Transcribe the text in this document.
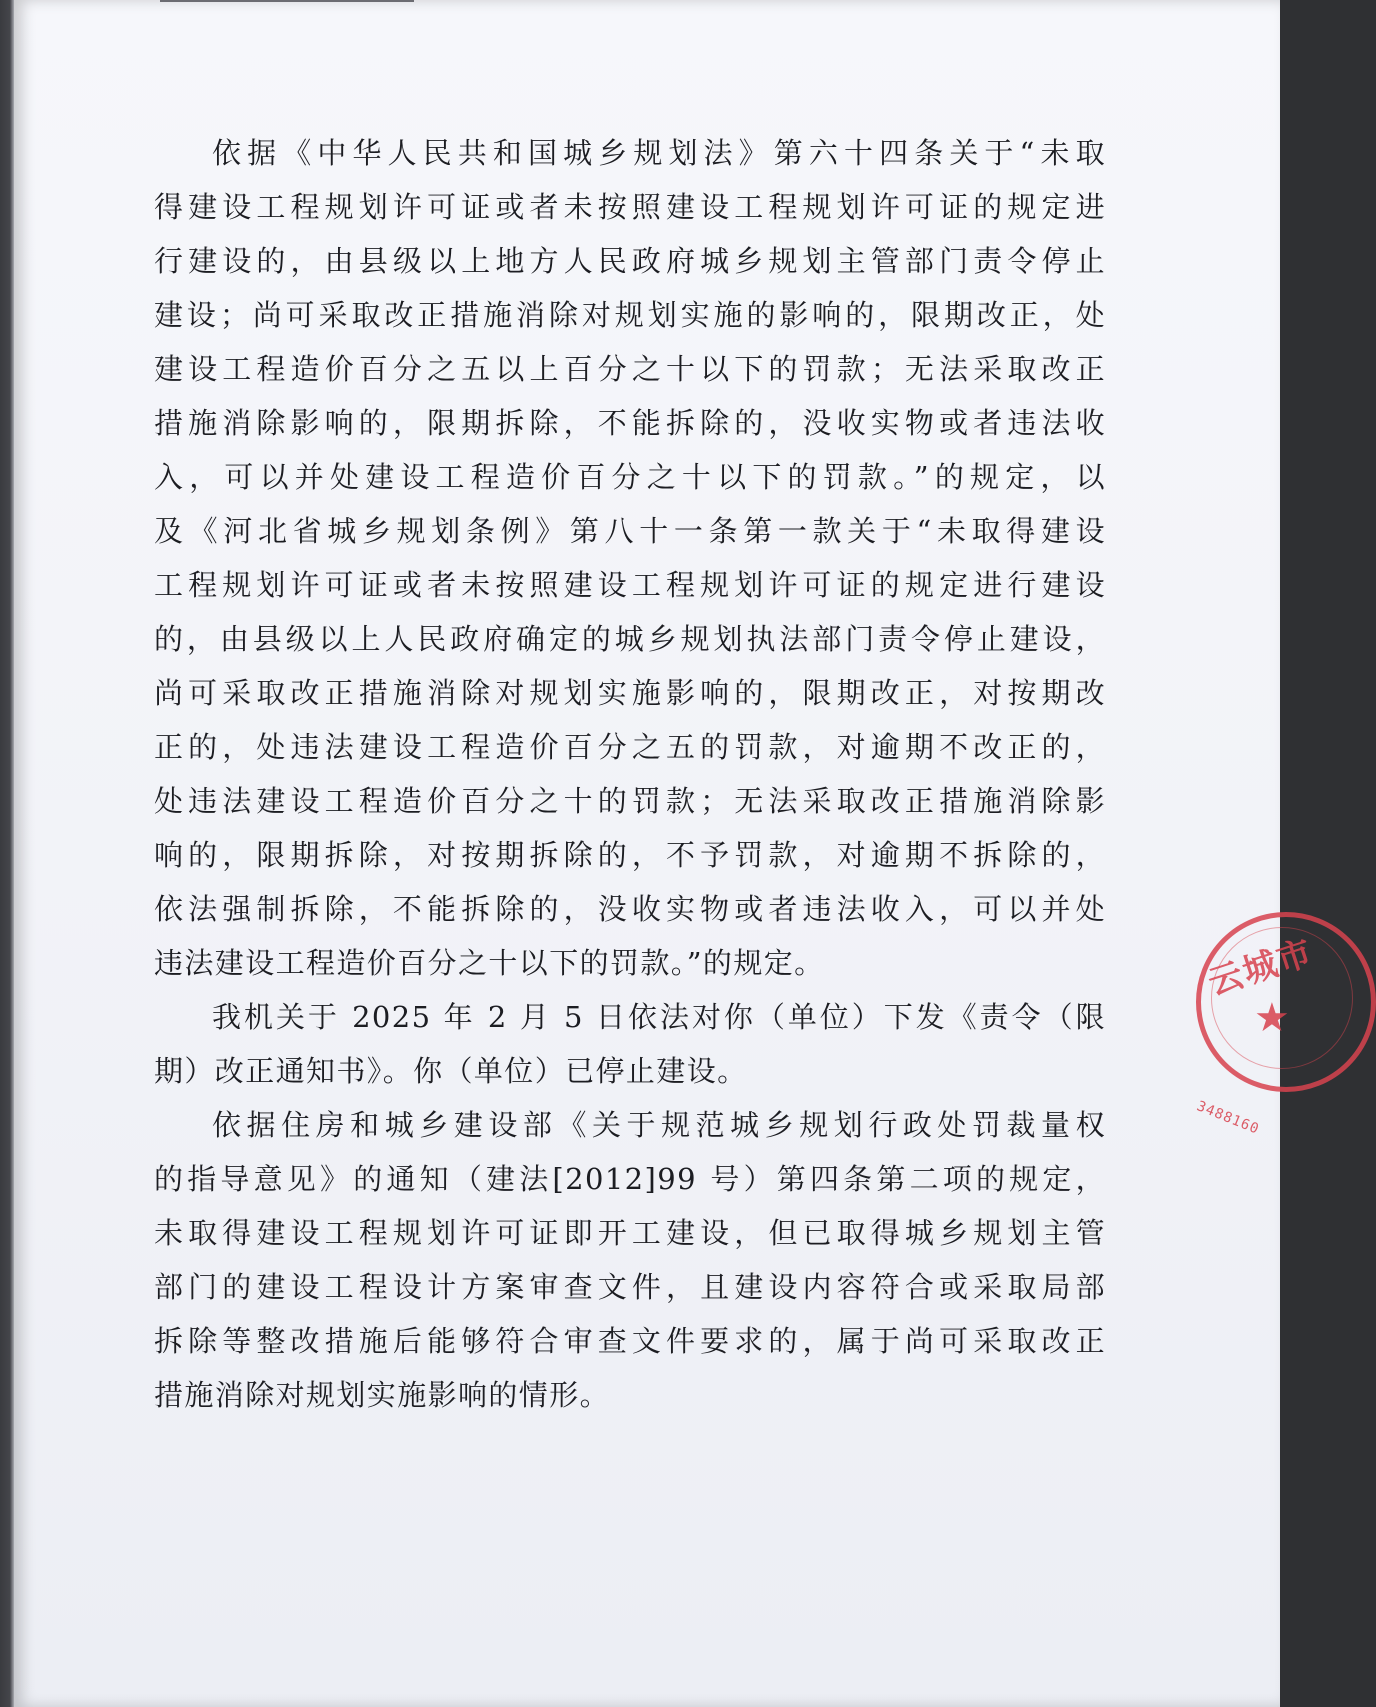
依据《中华人民共和国城乡规划法》第六十四条关于“未取
得建设工程规划许可证或者未按照建设工程规划许可证的规定进
行建设的，由县级以上地方人民政府城乡规划主管部门责令停止
建设；尚可采取改正措施消除对规划实施的影响的，限期改正，处
建设工程造价百分之五以上百分之十以下的罚款；无法采取改正
措施消除影响的，限期拆除，不能拆除的，没收实物或者违法收
入，可以并处建设工程造价百分之十以下的罚款。”的规定，以
及《河北省城乡规划条例》第八十一条第一款关于“未取得建设
工程规划许可证或者未按照建设工程规划许可证的规定进行建设
的，由县级以上人民政府确定的城乡规划执法部门责令停止建设，
尚可采取改正措施消除对规划实施影响的，限期改正，对按期改
正的，处违法建设工程造价百分之五的罚款，对逾期不改正的，
处违法建设工程造价百分之十的罚款；无法采取改正措施消除影
响的，限期拆除，对按期拆除的，不予罚款，对逾期不拆除的，
依法强制拆除，不能拆除的，没收实物或者违法收入，可以并处
违法建设工程造价百分之十以下的罚款。”的规定。
我机关于 2025 年 2 月 5 日依法对你（单位）下发《责令（限
期）改正通知书》。你（单位）已停止建设。
依据住房和城乡建设部《关于规范城乡规划行政处罚裁量权
的指导意见》的通知（建法[2012]99 号）第四条第二项的规定，
未取得建设工程规划许可证即开工建设，但已取得城乡规划主管
部门的建设工程设计方案审查文件，且建设内容符合或采取局部
拆除等整改措施后能够符合审查文件要求的，属于尚可采取改正
措施消除对规划实施影响的情形。
云城市
★
3488160
